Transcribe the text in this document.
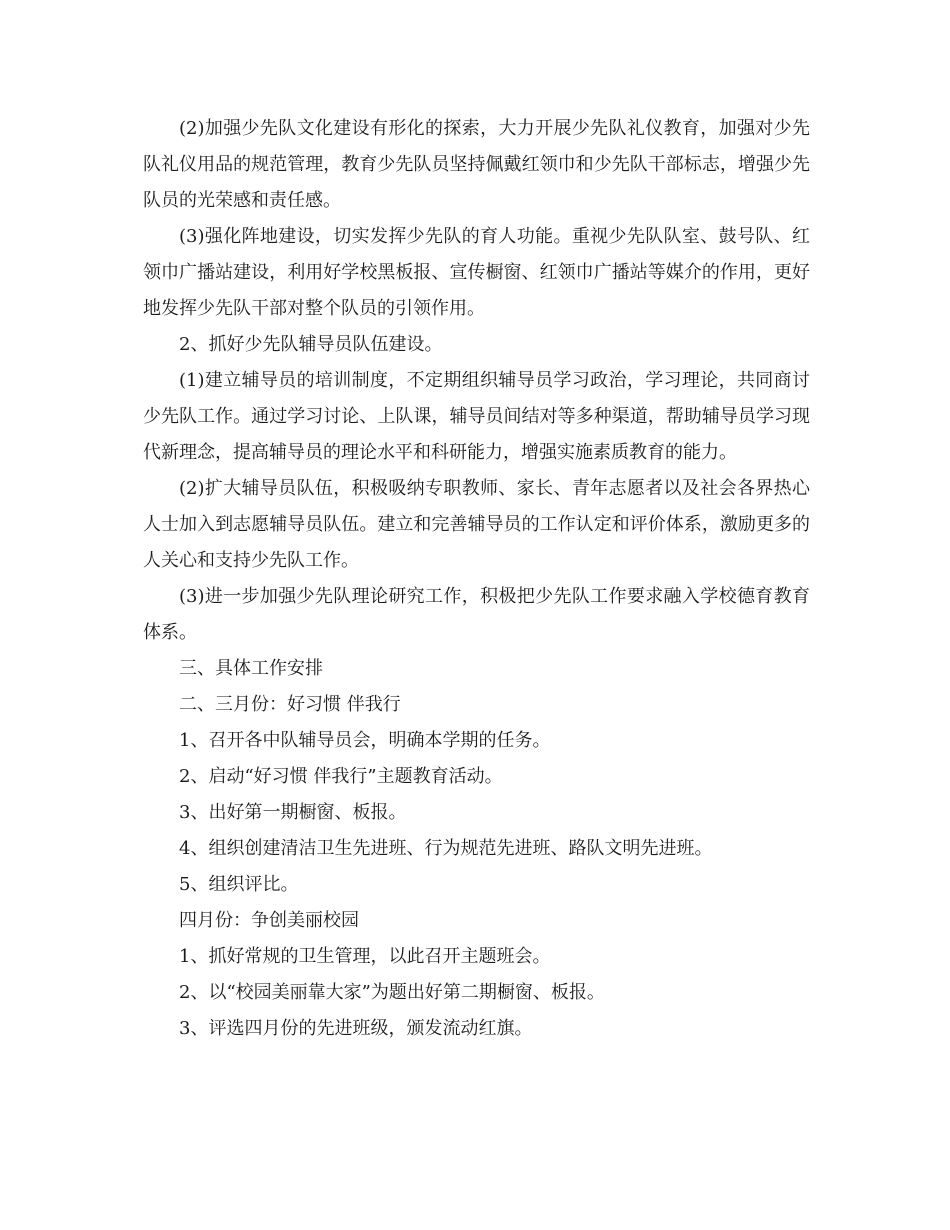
(2)加强少先队文化建设有形化的探索，大力开展少先队礼仪教育，加强对少先队礼仪用品的规范管理，教育少先队员坚持佩戴红领巾和少先队干部标志，增强少先队员的光荣感和责任感。

(3)强化阵地建设，切实发挥少先队的育人功能。重视少先队队室、鼓号队、红领巾广播站建设，利用好学校黑板报、宣传橱窗、红领巾广播站等媒介的作用，更好地发挥少先队干部对整个队员的引领作用。

2、抓好少先队辅导员队伍建设。

(1)建立辅导员的培训制度，不定期组织辅导员学习政治，学习理论，共同商讨少先队工作。通过学习讨论、上队课，辅导员间结对等多种渠道，帮助辅导员学习现代新理念，提高辅导员的理论水平和科研能力，增强实施素质教育的能力。

(2)扩大辅导员队伍，积极吸纳专职教师、家长、青年志愿者以及社会各界热心人士加入到志愿辅导员队伍。建立和完善辅导员的工作认定和评价体系，激励更多的人关心和支持少先队工作。

(3)进一步加强少先队理论研究工作，积极把少先队工作要求融入学校德育教育体系。

三、具体工作安排

二、三月份：好习惯 伴我行

1、召开各中队辅导员会，明确本学期的任务。

2、启动“好习惯 伴我行”主题教育活动。

3、出好第一期橱窗、板报。

4、组织创建清洁卫生先进班、行为规范先进班、路队文明先进班。

5、组织评比。

四月份：争创美丽校园

1、抓好常规的卫生管理，以此召开主题班会。

2、以“校园美丽靠大家”为题出好第二期橱窗、板报。

3、评选四月份的先进班级，颁发流动红旗。
